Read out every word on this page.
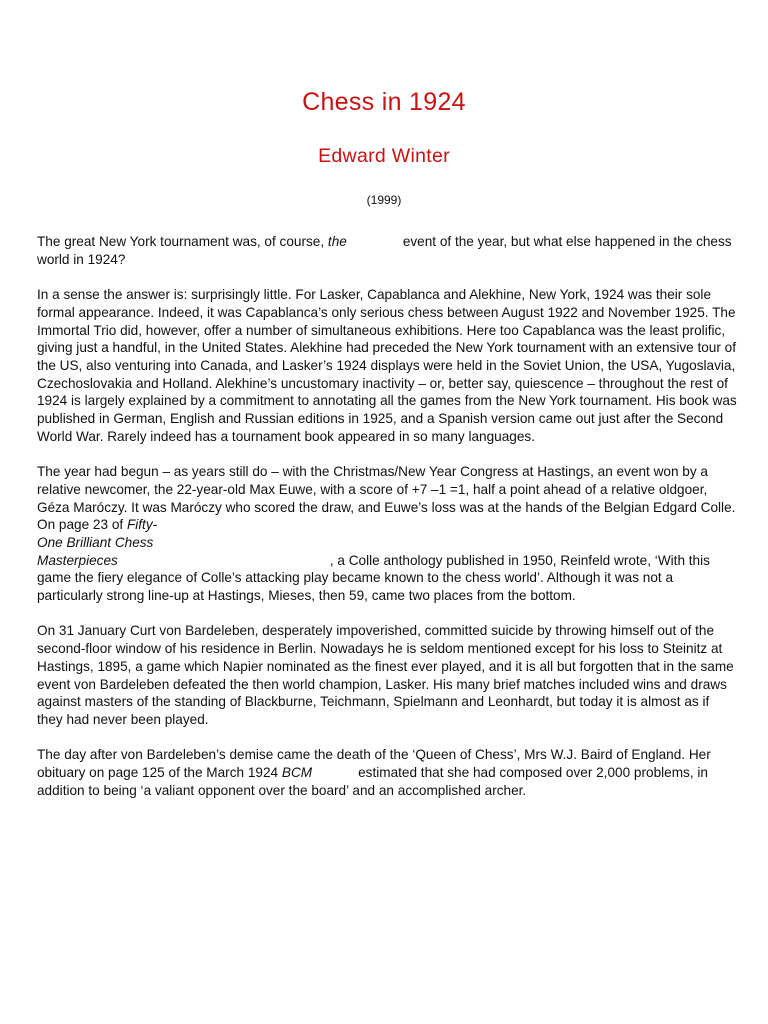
Chess in 1924
Edward Winter
(1999)

The great New York tournament was, of course, the	event of the year, but what else happened in the chess world in 1924?

In a sense the answer is: surprisingly little. For Lasker, Capablanca and Alekhine, New York, 1924 was their sole formal appearance. Indeed, it was Capablanca’s only serious chess between August 1922 and November 1925. The Immortal Trio did, however, offer a number of simultaneous exhibitions. Here too Capablanca was the least prolific, giving just a handful, in the United States. Alekhine had preceded the New York tournament with an extensive tour of the US, also venturing into Canada, and Lasker’s 1924 displays were held in the Soviet Union, the USA, Yugoslavia, Czechoslovakia and Holland. Alekhine’s uncustomary inactivity – or, better say, quiescence – throughout the rest of 1924 is largely explained by a commitment to annotating all the games from the New York tournament. His book was published in German, English and Russian editions in 1925, and a Spanish version came out just after the Second World War. Rarely indeed has a tournament book appeared in so many languages.

The year had begun – as years still do – with the Christmas/New Year Congress at Hastings, an event won by a relative newcomer, the 22-year-old Max Euwe, with a score of +7 –1 =1, half a point ahead of a relative oldgoer, Géza Maróczy. It was Maróczy who scored the draw, and Euwe’s loss was at the hands of the Belgian Edgard Colle. On page 23 of Fifty-
One Brilliant Chess
Masterpieces	, a Colle anthology published in 1950, Reinfeld wrote, ‘With this game the fiery elegance of Colle’s attacking play became known to the chess world’. Although it was not a particularly strong line-up at Hastings, Mieses, then 59, came two places from the bottom.

On 31 January Curt von Bardeleben, desperately impoverished, committed suicide by throwing himself out of the second-floor window of his residence in Berlin. Nowadays he is seldom mentioned except for his loss to Steinitz at Hastings, 1895, a game which Napier nominated as the finest ever played, and it is all but forgotten that in the same event von Bardeleben defeated the then world champion, Lasker. His many brief matches included wins and draws against masters of the standing of Blackburne, Teichmann, Spielmann and Leonhardt, but today it is almost as if they had never been played.

The day after von Bardeleben’s demise came the death of the ‘Queen of Chess’, Mrs W.J. Baird of England. Her obituary on page 125 of the March 1924 BCM	estimated that she had composed over 2,000 problems, in addition to being ‘a valiant opponent over the board’ and an accomplished archer.
